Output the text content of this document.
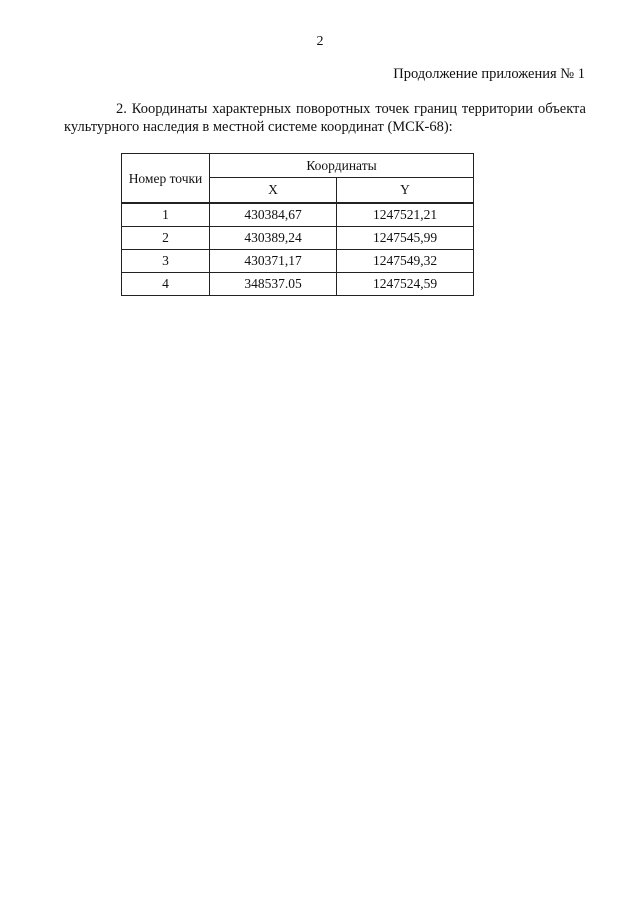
2
Продолжение приложения № 1
2. Координаты характерных поворотных точек границ территории объекта культурного наследия в местной системе координат (МСК-68):
Номер точки	Координаты	
	X	Y
1	430384,67	1247521,21
2	430389,24	1247545,99
3	430371,17	1247549,32
4	348537.05	1247524,59
